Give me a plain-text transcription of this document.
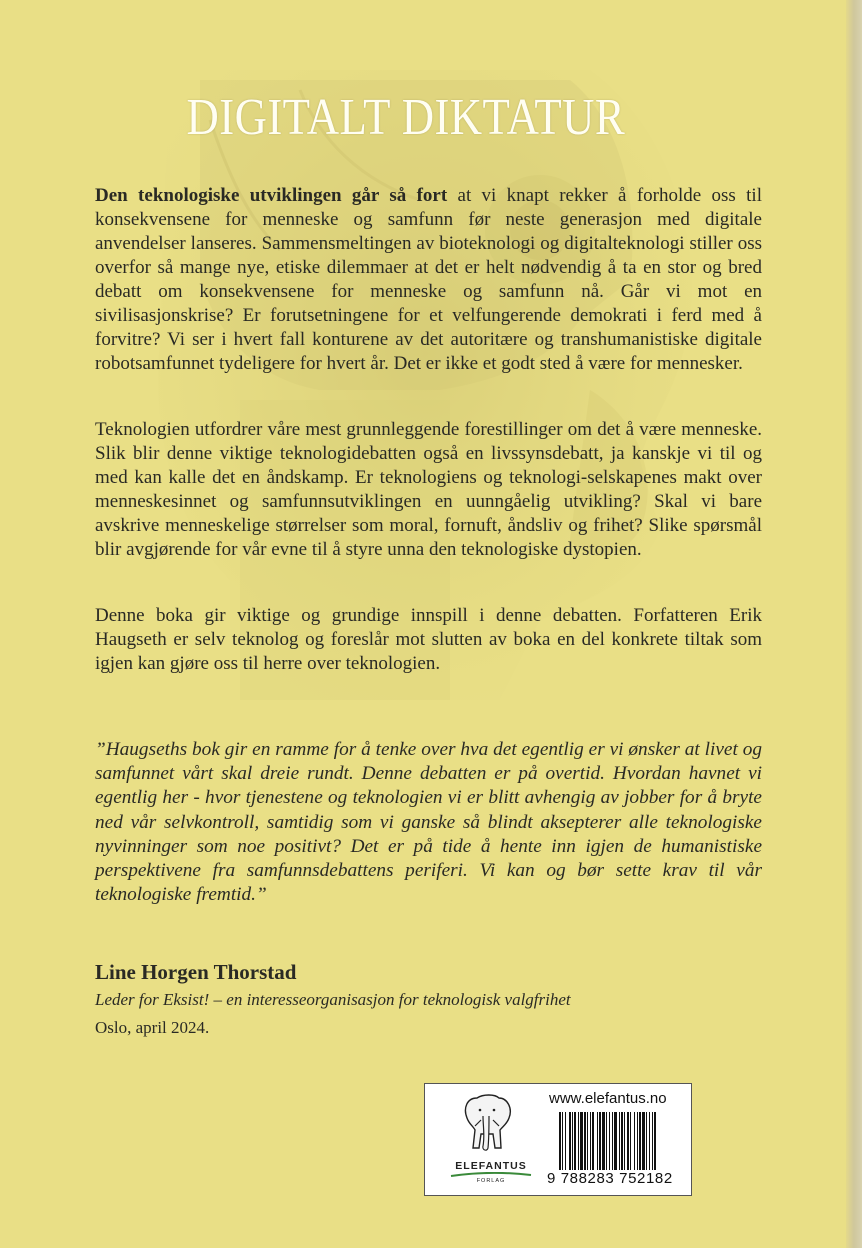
DIGITALT DIKTATUR
Den teknologiske utviklingen går så fort at vi knapt rekker å forholde oss til konsekvensene for menneske og samfunn før neste generasjon med digitale anvendelser lanseres. Sammensmeltingen av bioteknologi og digitalteknologi stiller oss overfor så mange nye, etiske dilemmaer at det er helt nødvendig å ta en stor og bred debatt om konsekvensene for menneske og samfunn nå. Går vi mot en sivilisasjonskrise? Er forutsetningene for et velfungerende demokrati i ferd med å forvitre? Vi ser i hvert fall konturene av det autoritære og transhumanistiske digitale robotsamfunnet tydeligere for hvert år. Det er ikke et godt sted å være for mennesker.
Teknologien utfordrer våre mest grunnleggende forestillinger om det å være menneske. Slik blir denne viktige teknologidebatten også en livssynsdebatt, ja kanskje vi til og med kan kalle det en åndskamp. Er teknologiens og teknologi-selskapenes makt over menneskesinnet og samfunnsutviklingen en uunngåelig utvikling? Skal vi bare avskrive menneskelige størrelser som moral, fornuft, åndsliv og frihet? Slike spørsmål blir avgjørende for vår evne til å styre unna den teknologiske dystopien.
Denne boka gir viktige og grundige innspill i denne debatten. Forfatteren Erik Haugseth er selv teknolog og foreslår mot slutten av boka en del konkrete tiltak som igjen kan gjøre oss til herre over teknologien.
”Haugseths bok gir en ramme for å tenke over hva det egentlig er vi ønsker at livet og samfunnet vårt skal dreie rundt. Denne debatten er på overtid. Hvordan havnet vi egentlig her - hvor tjenestene og teknologien vi er blitt avhengig av jobber for å bryte ned vår selvkontroll, samtidig som vi ganske så blindt aksepterer alle teknologiske nyvinninger som noe positivt? Det er på tide å hente inn igjen de humanistiske perspektivene fra samfunnsdebattens periferi. Vi kan og bør sette krav til vår teknologiske fremtid.”
Line Horgen Thorstad
Leder for Eksist! – en interesseorganisasjon for teknologisk valgfrihet
Oslo, april 2024.
ELEFANTUS
FORLAG
www.elefantus.no
9 788283 752182
